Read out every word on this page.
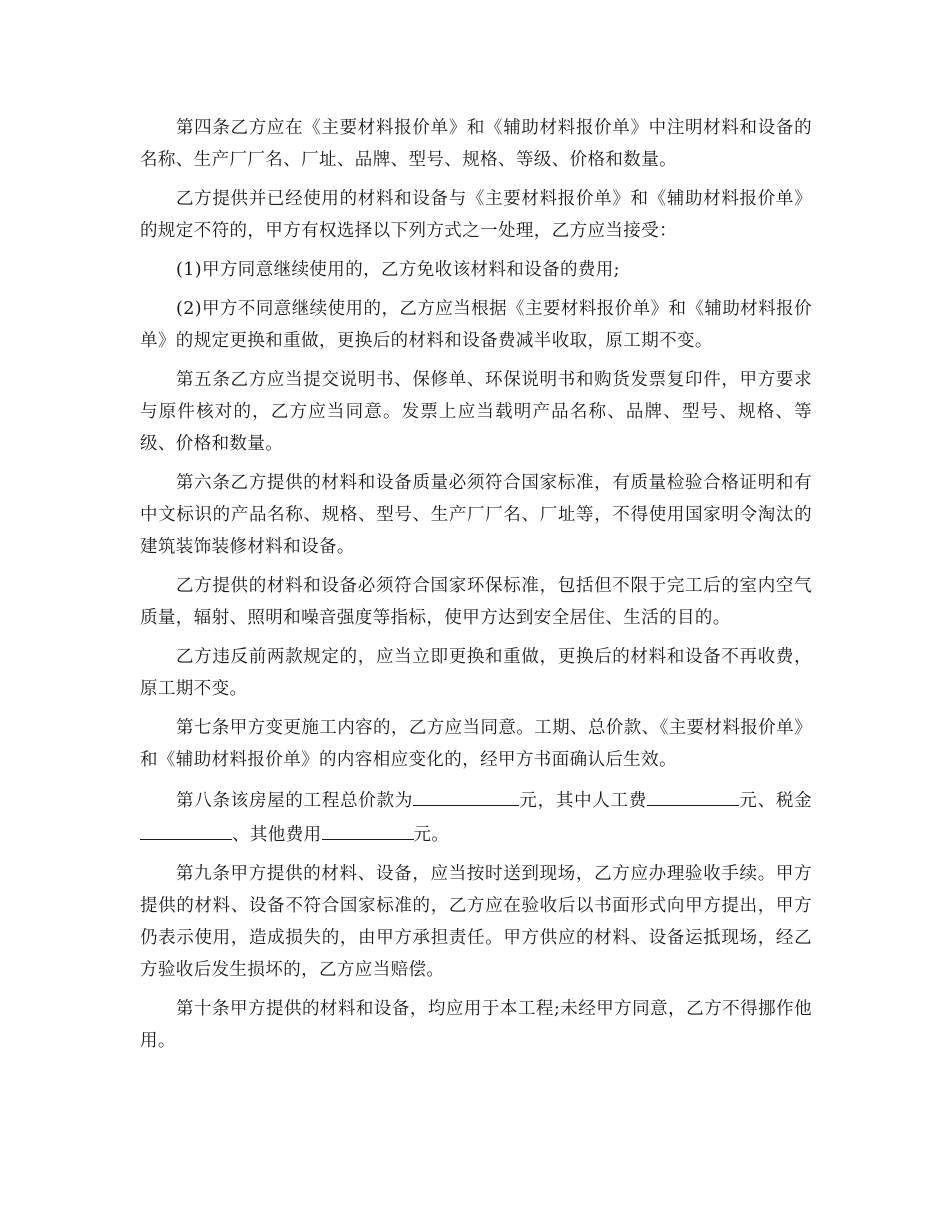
第四条乙方应在《主要材料报价单》和《辅助材料报价单》中注明材料和设备的名称、生产厂厂名、厂址、品牌、型号、规格、等级、价格和数量。

乙方提供并已经使用的材料和设备与《主要材料报价单》和《辅助材料报价单》的规定不符的，甲方有权选择以下列方式之一处理，乙方应当接受：

(1)甲方同意继续使用的，乙方免收该材料和设备的费用;

(2)甲方不同意继续使用的，乙方应当根据《主要材料报价单》和《辅助材料报价单》的规定更换和重做，更换后的材料和设备费减半收取，原工期不变。

第五条乙方应当提交说明书、保修单、环保说明书和购货发票复印件，甲方要求与原件核对的，乙方应当同意。发票上应当载明产品名称、品牌、型号、规格、等级、价格和数量。

第六条乙方提供的材料和设备质量必须符合国家标准，有质量检验合格证明和有中文标识的产品名称、规格、型号、生产厂厂名、厂址等，不得使用国家明令淘汰的建筑装饰装修材料和设备。

乙方提供的材料和设备必须符合国家环保标准，包括但不限于完工后的室内空气质量，辐射、照明和噪音强度等指标，使甲方达到安全居住、生活的目的。

乙方违反前两款规定的，应当立即更换和重做，更换后的材料和设备不再收费，原工期不变。

第七条甲方变更施工内容的，乙方应当同意。工期、总价款、《主要材料报价单》和《辅助材料报价单》的内容相应变化的，经甲方书面确认后生效。

第八条该房屋的工程总价款为	元，其中人工费	元、税金、其他费用	元。

第九条甲方提供的材料、设备，应当按时送到现场，乙方应办理验收手续。甲方提供的材料、设备不符合国家标准的，乙方应在验收后以书面形式向甲方提出，甲方仍表示使用，造成损失的，由甲方承担责任。甲方供应的材料、设备运抵现场，经乙方验收后发生损坏的，乙方应当赔偿。

第十条甲方提供的材料和设备，均应用于本工程;未经甲方同意，乙方不得挪作他用。
